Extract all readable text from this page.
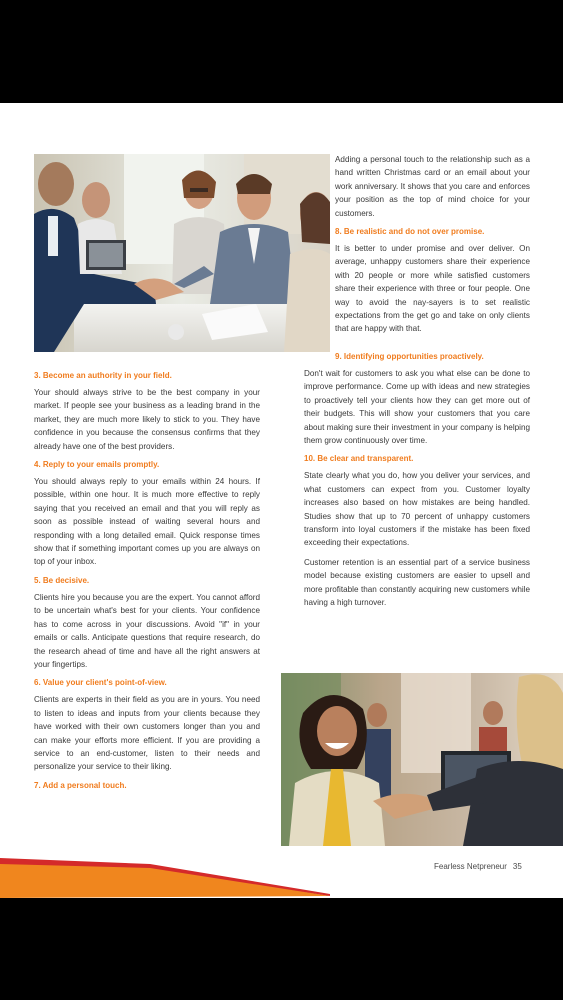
3. Become an authority in your field.

Your should always strive to be the best company in your market. If people see your business as a leading brand in the market, they are much more likely to stick to you. They have confidence in you because the consensus confirms that they already have one of the best providers.

4. Reply to your emails promptly.

You should always reply to your emails within 24 hours. If possible, within one hour. It is much more effective to reply saying that you received an email and that you will reply as soon as possible instead of waiting several hours and responding with a long detailed email. Quick response times show that if something important comes up you are always on top of your inbox.

5. Be decisive.

Clients hire you because you are the expert. You cannot afford to be uncertain what's best for your clients. Your confidence has to come across in your discussions. Avoid "if" in your emails or calls. Anticipate questions that require research, do the research ahead of time and have all the right answers at your fingertips.

6. Value your client's point-of-view.

Clients are experts in their field as you are in yours. You need to listen to ideas and inputs from your clients because they have worked with their own customers longer than you and can make your efforts more efficient. If you are providing a service to an end-customer, listen to their needs and personalize your service to their liking.

7. Add a personal touch.

Adding a personal touch to the relationship such as a hand written Christmas card or an email about your work anniversary. It shows that you care and enforces your position as the top of mind choice for your customers.

8. Be realistic and do not over promise.

It is better to under promise and over deliver. On average, unhappy customers share their experience with 20 people or more while satisfied customers share their experience with three or four people. One way to avoid the nay-sayers is to set realistic expectations from the get go and take on only clients that are happy with that.

9. Identifying opportunities proactively.

Don't wait for customers to ask you what else can be done to improve performance. Come up with ideas and new strategies to proactively tell your clients how they can get more out of their budgets. This will show your customers that you care about making sure their investment in your company is helping them grow continuously over time.

10. Be clear and transparent.

State clearly what you do, how you deliver your services, and what customers can expect from you. Customer loyalty increases also based on how mistakes are being handled. Studies show that up to 70 percent of unhappy customers transform into loyal customers if the mistake has been fixed exceeding their expectations.

Customer retention is an essential part of a service business model because existing customers are easier to upsell and more profitable than constantly acquiring new customers while having a high turnover.

Fearless Netpreneur 35
